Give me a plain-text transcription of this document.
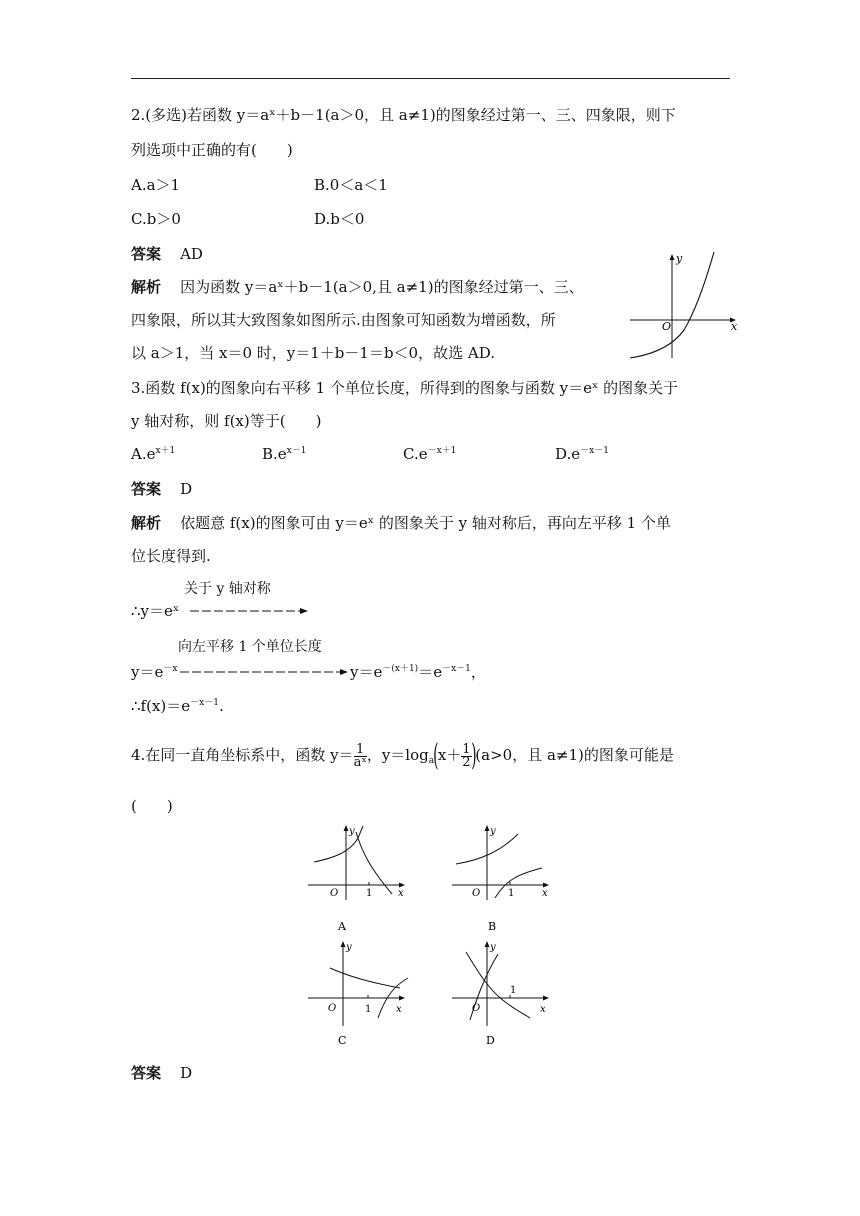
2.(多选)若函数 y＝aˣ＋b－1(a＞0，且 a≠1)的图象经过第一、三、四象限，则下
列选项中正确的有(　　)
A.a＞1	B.0＜a＜1
C.b＞0	D.b＜0
答案 AD
解析 因为函数 y＝aˣ＋b－1(a＞0,且 a≠1)的图象经过第一、三、
四象限，所以其大致图象如图所示.由图象可知函数为增函数，所
以 a＞1，当 x＝0 时，y＝1＋b－1＝b＜0，故选 AD.
y
x
O
3.函数 f(x)的图象向右平移 1 个单位长度，所得到的图象与函数 y＝eˣ 的图象关于
y 轴对称，则 f(x)等于(　　)
$A.e^{x+1}$	$B.e^{x-1}$	$C.e^{-x+1}$	$D.e^{-x-1}$
答案 D
解析 依题意 f(x)的图象可由 y＝eˣ 的图象关于 y 轴对称后，再向左平移 1 个单
位长度得到.
关于 y 轴对称
∴y＝eˣ
向左平移 1 个单位长度
$y=e^{-x}$	$y=e^{-(x+1)}=e^{-x-1}$，
$\therefore f(x)=e^{-x-1}$.
4.在同一直角坐标系中，函数 $y= \frac{1}{\text{aˣ}}$ ，$y=\log_a(x+ \frac{1}{2} )(a>0$，且 a≠1)的图象可能是
(　　)
y
x
O	1
A
y
x
O	1
B
y
x
O	1
C
y
x
O
1
D
答案 D
